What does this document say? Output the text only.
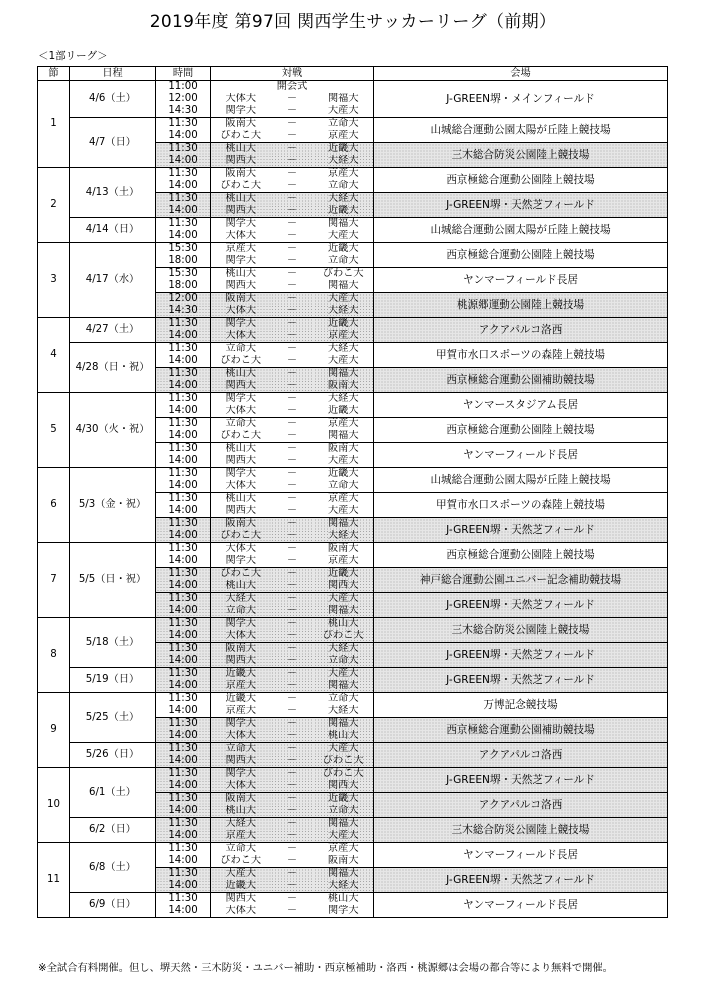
2019年度 第97回 関西学生サッカーリーグ（前期）
＜1部リーグ＞
節	日程	時間	対戦			会場
1	4/6（土）	11:00	開会式			J-GREEN堺・メインフィールド
		12:00	大体大	－	関福大	
		14:30	関学大	－	大産大	
	4/7（日）	11:30	阪南大	－	立命大	山城総合運動公園太陽が丘陸上競技場
		14:00	びわこ大	－	京産大	
		11:30	桃山大	－	近畿大	三木総合防災公園陸上競技場
		14:00	関西大	－	大経大	
2	4/13（土）	11:30	阪南大	－	京産大	西京極総合運動公園陸上競技場
		14:00	びわこ大	－	立命大	
		11:30	桃山大	－	大経大	J-GREEN堺・天然芝フィールド
		14:00	関西大	－	近畿大	
	4/14（日）	11:30	関学大	－	関福大	山城総合運動公園太陽が丘陸上競技場
		14:00	大体大	－	大産大	
3	4/17（水）	15:30	京産大	－	近畿大	西京極総合運動公園陸上競技場
		18:00	関学大	－	立命大	
		15:30	桃山大	－	びわこ大	ヤンマーフィールド長居
		18:00	関西大	－	関福大	
		12:00	阪南大	－	大産大	桃源郷運動公園陸上競技場
		14:30	大体大	－	大経大	
4	4/27（土）	11:30	関学大	－	近畿大	アクアパルコ洛西
		14:00	大体大	－	京産大	
	4/28（日・祝）	11:30	立命大	－	大経大	甲賀市水口スポーツの森陸上競技場
		14:00	びわこ大	－	大産大	
		11:30	桃山大	－	関福大	西京極総合運動公園補助競技場
		14:00	関西大	－	阪南大	
5	4/30（火・祝）	11:30	関学大	－	大経大	ヤンマースタジアム長居
		14:00	大体大	－	近畿大	
		11:30	立命大	－	京産大	西京極総合運動公園陸上競技場
		14:00	びわこ大	－	関福大	
		11:30	桃山大	－	阪南大	ヤンマーフィールド長居
		14:00	関西大	－	大産大	
6	5/3（金・祝）	11:30	関学大	－	近畿大	山城総合運動公園太陽が丘陸上競技場
		14:00	大体大	－	立命大	
		11:30	桃山大	－	京産大	甲賀市水口スポーツの森陸上競技場
		14:00	関西大	－	大産大	
		11:30	阪南大	－	関福大	J-GREEN堺・天然芝フィールド
		14:00	びわこ大	－	大経大	
7	5/5（日・祝）	11:30	大体大	－	阪南大	西京極総合運動公園陸上競技場
		14:00	関学大	－	京産大	
		11:30	びわこ大	－	近畿大	神戸総合運動公園ユニバー記念補助競技場
		14:00	桃山大	－	関西大	
		11:30	大経大	－	大産大	J-GREEN堺・天然芝フィールド
		14:00	立命大	－	関福大	
8	5/18（土）	11:30	関学大	－	桃山大	三木総合防災公園陸上競技場
		14:00	大体大	－	びわこ大	
		11:30	阪南大	－	大経大	J-GREEN堺・天然芝フィールド
		14:00	関西大	－	立命大	
	5/19（日）	11:30	近畿大	－	大産大	J-GREEN堺・天然芝フィールド
		14:00	京産大	－	関福大	
9	5/25（土）	11:30	近畿大	－	立命大	万博記念競技場
		14:00	京産大	－	大経大	
		11:30	関学大	－	関福大	西京極総合運動公園補助競技場
		14:00	大体大	－	桃山大	
	5/26（日）	11:30	立命大	－	大産大	アクアパルコ洛西
		14:00	関西大	－	びわこ大	
10	6/1（土）	11:30	関学大	－	びわこ大	J-GREEN堺・天然芝フィールド
		14:00	大体大	－	関西大	
		11:30	阪南大	－	近畿大	アクアパルコ洛西
		14:00	桃山大	－	立命大	
	6/2（日）	11:30	大経大	－	関福大	三木総合防災公園陸上競技場
		14:00	京産大	－	大産大	
11	6/8（土）	11:30	立命大	－	京産大	ヤンマーフィールド長居
		14:00	びわこ大	－	阪南大	
		11:30	大産大	－	関福大	J-GREEN堺・天然芝フィールド
		14:00	近畿大	－	大経大	
	6/9（日）	11:30	関西大	－	桃山大	ヤンマーフィールド長居
		14:00	大体大	－	関学大	
※全試合有料開催。但し、堺天然・三木防災・ユニバー補助・西京極補助・洛西・桃源郷は会場の都合等により無料で開催。
